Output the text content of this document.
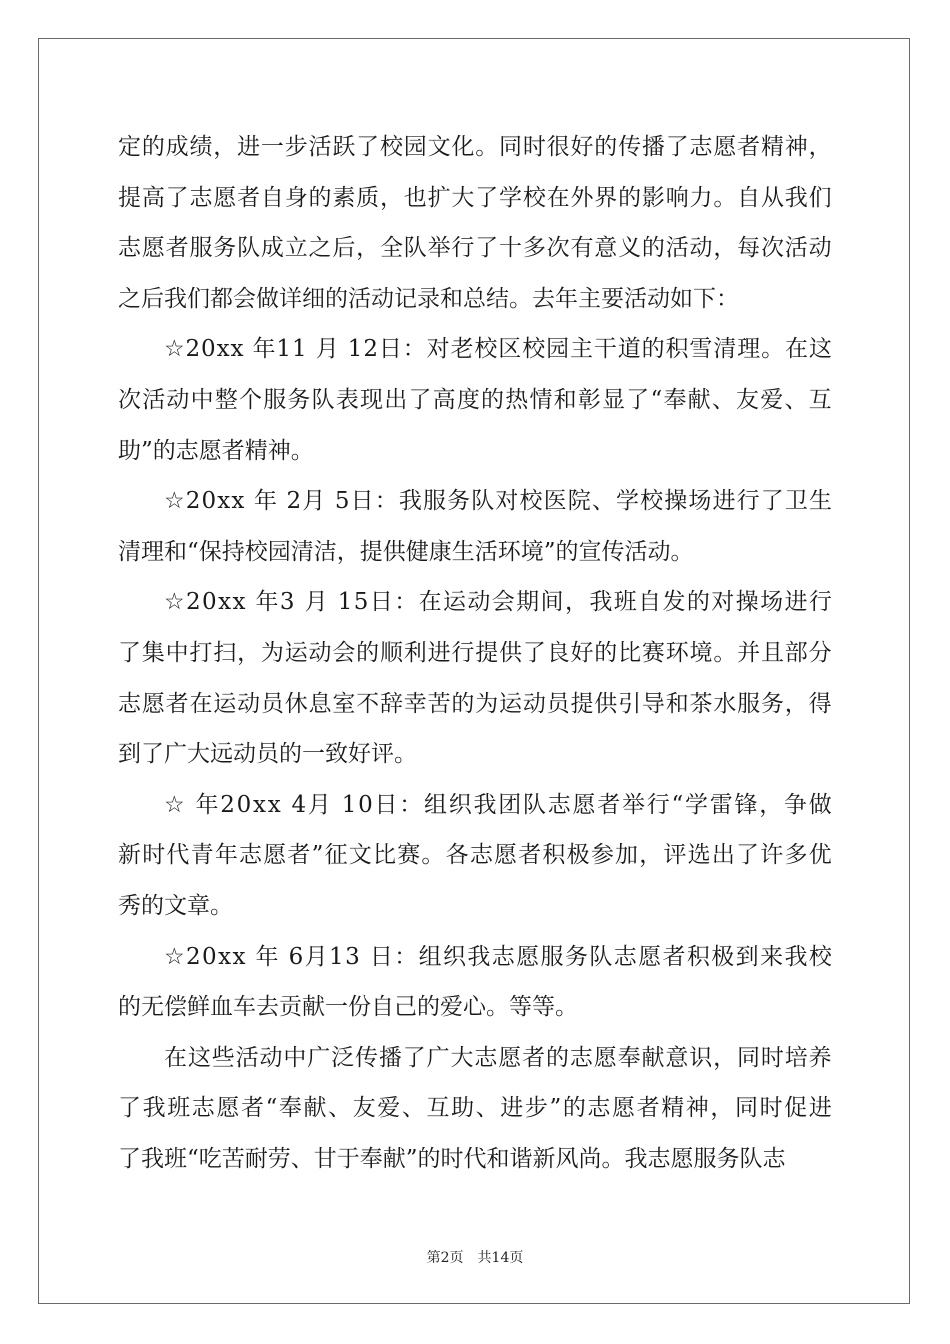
定 的 成 绩 ， 进 一 步 活 跃 了 校 园 文 化 。 同 时 很 好 的 传 播 了 志 愿 者 精 神 ，
提 高 了 志 愿 者 自 身 的 素 质 ， 也 扩 大 了 学 校 在 外 界 的 影 响 力 。 自 从 我 们
志 愿 者 服 务 队 成 立 之 后 ， 全 队 举 行 了 十 多 次 有 意 义 的 活 动 ， 每 次 活 动
之后我们都会做详细的活动记录和总结。去年主要活动如下：
☆ 2 0 x x
年 1 1
月
1 2 日 ： 对 老 校 区 校 园 主 干 道 的 积 雪 清 理 。 在 这
次 活 动 中 整 个 服 务 队 表 现 出 了 高 度 的 热 情 和 彰 显 了 “ 奉 献 、 友 爱 、 互
助”的志愿者精神。
☆ 2 0 x x
年
2 月
5 日 ： 我 服 务 队 对 校 医 院 、 学 校 操 场 进 行 了 卫 生
清理和“保持校园清洁，提供健康生活环境”的宣传活动。
☆ 2 0 x x
年 3
月
1 5 日 ： 在 运 动 会 期 间 ， 我 班 自 发 的 对 操 场 进 行
了 集 中 打 扫 ， 为 运 动 会 的 顺 利 进 行 提 供 了 良 好 的 比 赛 环 境 。 并 且 部 分
志 愿 者 在 运 动 员 休 息 室 不 辞 幸 苦 的 为 运 动 员 提 供 引 导 和 茶 水 服 务 ， 得
到了广大远动员的一致好评。
☆
年 2 0 x x
4 月
1 0 日 ： 组 织 我 团 队 志 愿 者 举 行 “ 学 雷 锋 ， 争 做
新 时 代 青 年 志 愿 者 ” 征 文 比 赛 。 各 志 愿 者 积 极 参 加 ， 评 选 出 了 许 多 优
秀的文章。
☆ 2 0 x x
年
6 月 1 3
日 ： 组 织 我 志 愿 服 务 队 志 愿 者 积 极 到 来 我 校
的无偿鲜血车去贡献一份自己的爱心。等等。
在 这 些 活 动 中 广 泛 传 播 了 广 大 志 愿 者 的 志 愿 奉 献 意 识 ， 同 时 培 养
了 我 班 志 愿 者 “ 奉 献 、 友 爱 、 互 助 、 进 步 ” 的 志 愿 者 精 神 ， 同 时 促 进
了我班“吃苦耐劳、甘于奉献”的时代和谐新风尚。我志愿服务队志
第2页　共14页
